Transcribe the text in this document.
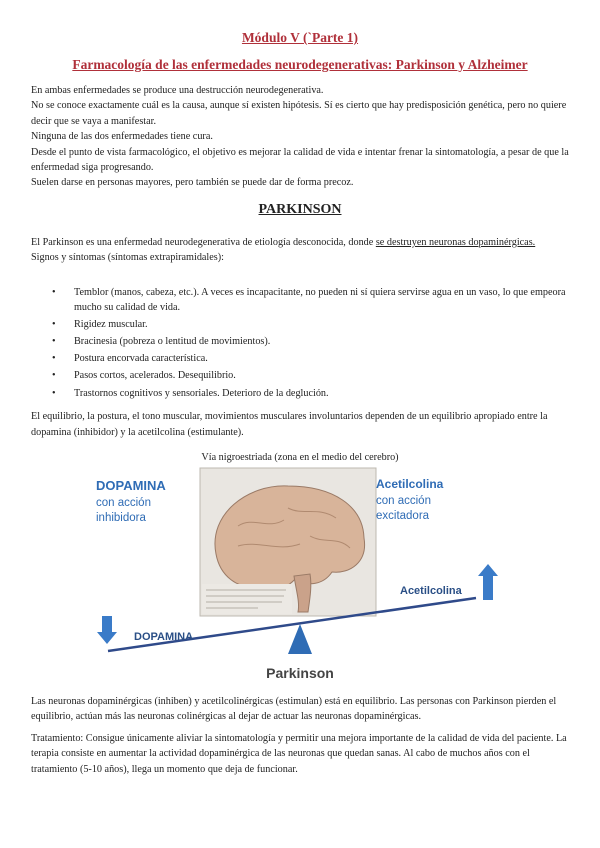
Módulo V (`Parte 1)
Farmacología de las enfermedades neurodegenerativas: Parkinson y Alzheimer

En ambas enfermedades se produce una destrucción neurodegenerativa.

No se conoce exactamente cuál es la causa, aunque sí existen hipótesis. Sí es cierto que hay predisposición genética, pero no quiere decir que se vaya a manifestar.

Ninguna de las dos enfermedades tiene cura.

Desde el punto de vista farmacológico, el objetivo es mejorar la calidad de vida e intentar frenar la sintomatología, a pesar de que la enfermedad siga progresando.

Suelen darse en personas mayores, pero también se puede dar de forma precoz.

PARKINSON

El Parkinson es una enfermedad neurodegenerativa de etiología desconocida, donde se destruyen neuronas dopaminérgicas.

Signos y síntomas (síntomas extrapiramidales):

• Temblor (manos, cabeza, etc.). A veces es incapacitante, no pueden ni sí quiera servirse agua en un vaso, lo que empeora mucho su calidad de vida.
• Rigidez muscular.
• Bracinesia (pobreza o lentitud de movimientos).
• Postura encorvada característica.
• Pasos cortos, acelerados. Desequilibrio.
• Trastornos cognitivos y sensoriales. Deterioro de la deglución.

El equilibrio, la postura, el tono muscular, movimientos musculares involuntarios dependen de un equilibrio apropiado entre la dopamina (inhibidor) y la acetilcolina (estimulante).

Vía nigroestriada (zona en el medio del cerebro)
DOPAMINA
con acción
inhibidora
Acetilcolina
con acción
excitadora
DOPAMINA
Acetilcolina
Parkinson

Las neuronas dopaminérgicas (inhiben) y acetilcolinérgicas (estimulan) está en equilibrio. Las personas con Parkinson pierden el equilibrio, actúan más las neuronas colinérgicas al dejar de actuar las neuronas dopaminérgicas.

Tratamiento: Consigue únicamente aliviar la sintomatología y permitir una mejora importante de la calidad de vida del paciente. La terapia consiste en aumentar la actividad dopaminérgica de las neuronas que quedan sanas. Al cabo de muchos años con el tratamiento (5-10 años), llega un momento que deja de funcionar.
